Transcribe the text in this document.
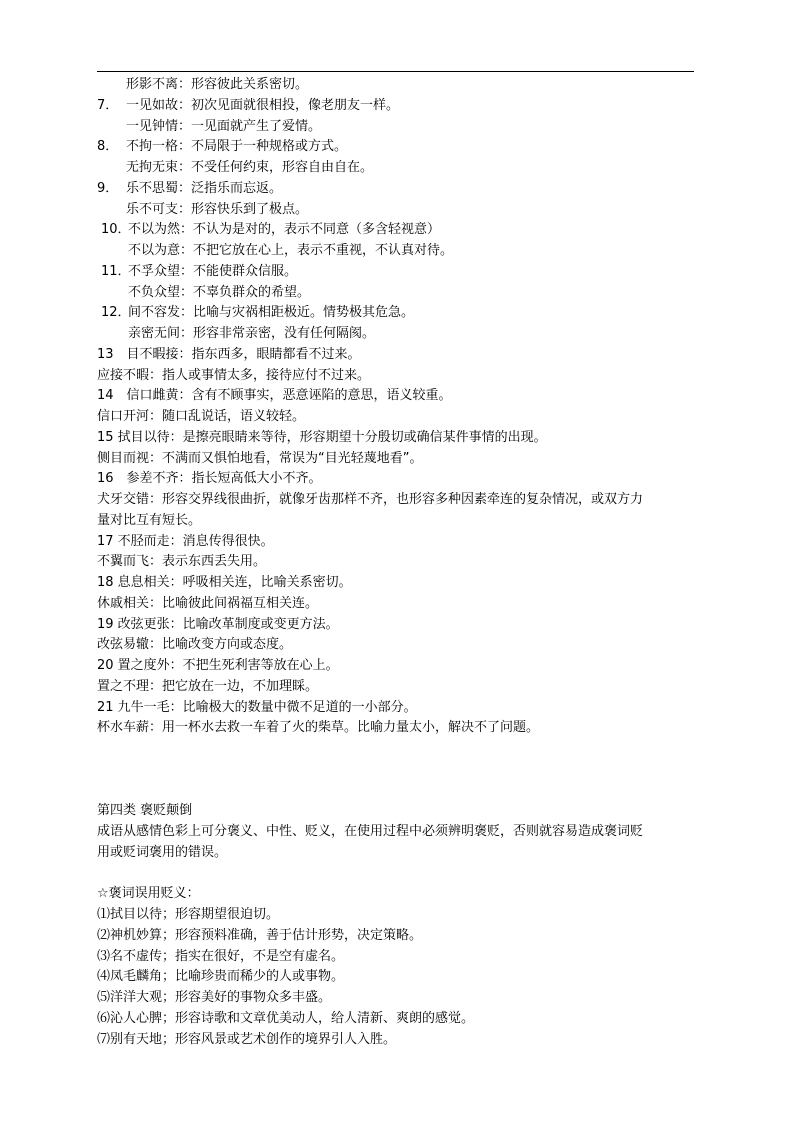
形影不离：形容彼此关系密切。
7． 一见如故：初次见面就很相投，像老朋友一样。
一见钟情：一见面就产生了爱情。
8． 不拘一格：不局限于一种规格或方式。
无拘无束：不受任何约束，形容自由自在。
9． 乐不思蜀：泛指乐而忘返。
乐不可支：形容快乐到了极点。
10．不以为然：不认为是对的，表示不同意（多含轻视意）
不以为意：不把它放在心上，表示不重视，不认真对待。
11．不孚众望：不能使群众信服。
不负众望：不辜负群众的希望。
12．间不容发：比喻与灾祸相距极近。情势极其危急。
亲密无间：形容非常亲密，没有任何隔阂。
13　目不暇接：指东西多，眼睛都看不过来。
应接不暇：指人或事情太多，接待应付不过来。
14　信口雌黄：含有不顾事实，恶意诬陷的意思，语义较重。
信口开河：随口乱说话，语义较轻。
15 拭目以待：是擦亮眼睛来等待，形容期望十分殷切或确信某件事情的出现。
侧目而视：不满而又惧怕地看，常误为“目光轻蔑地看”。
16　参差不齐：指长短高低大小不齐。
犬牙交错：形容交界线很曲折，就像牙齿那样不齐，也形容多种因素牵连的复杂情况，或双方力
量对比互有短长。
17 不胫而走：消息传得很快。
不翼而飞：表示东西丢失用。
18 息息相关：呼吸相关连，比喻关系密切。
休戚相关：比喻彼此间祸福互相关连。
19 改弦更张：比喻改革制度或变更方法。
改弦易辙：比喻改变方向或态度。
20 置之度外：不把生死利害等放在心上。
置之不理：把它放在一边，不加理睬。
21 九牛一毛：比喻极大的数量中微不足道的一小部分。
杯水车薪：用一杯水去救一车着了火的柴草。比喻力量太小，解决不了问题。
第四类 褒贬颠倒
成语从感情色彩上可分褒义、中性、贬义，在使用过程中必须辨明褒贬，否则就容易造成褒词贬
用或贬词褒用的错误。
☆褒词误用贬义：
⑴拭目以待；形容期望很迫切。
⑵神机妙算；形容预料准确，善于估计形势，决定策略。
⑶名不虚传；指实在很好，不是空有虚名。
⑷凤毛麟角；比喻珍贵而稀少的人或事物。
⑸洋洋大观；形容美好的事物众多丰盛。
⑹沁人心脾；形容诗歌和文章优美动人，给人清新、爽朗的感觉。
⑺别有天地；形容风景或艺术创作的境界引人入胜。
